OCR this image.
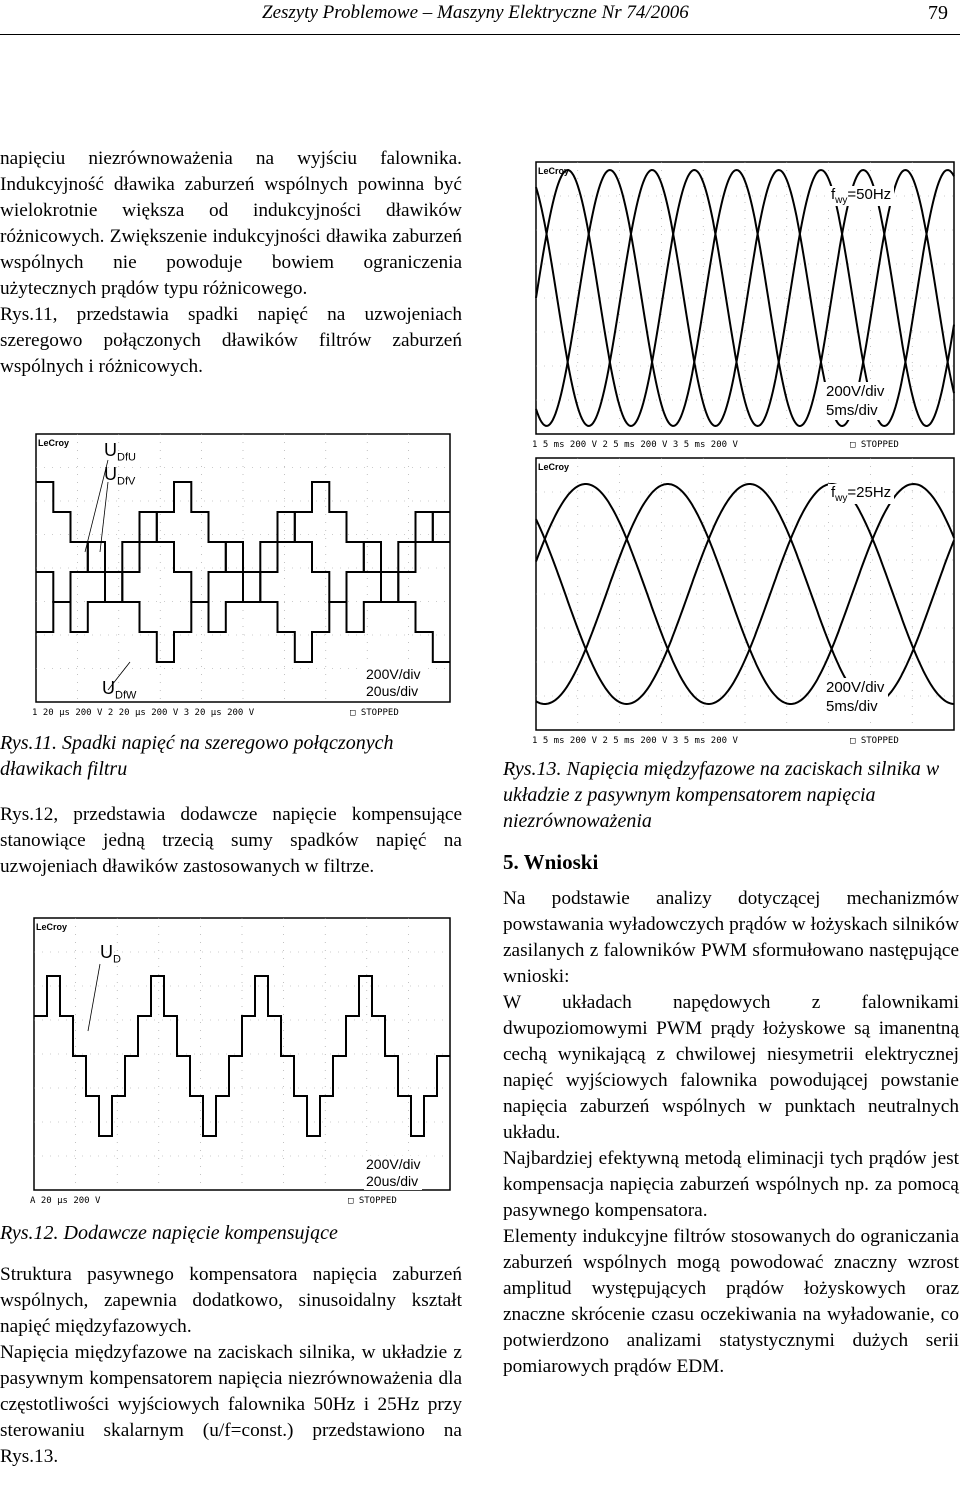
Zeszyty Problemowe – Maszyny Elektryczne Nr 74/2006	79

napięciu niezrównoważenia na wyjściu falownika. Indukcyjność dławika zaburzeń wspólnych powinna być wielokrotnie większa od indukcyjności dławików różnicowych. Zwiększenie indukcyjności dławika zaburzeń wspólnych nie powoduje bowiem ograniczenia użytecznych prądów typu różnicowego.

Rys.11, przedstawia spadki napięć na uzwojeniach szeregowo połączonych dławików filtrów zaburzeń wspólnych i różnicowych.

LeCroy $U_{DfU}$
$U_{DfV}$
$U_{DfW}$
200V/div
20us/div
1 20 μs 200 V 2 20 μs 200 V 3 20 μs 200 V	□ STOPPED
Rys.11. Spadki napięć na szeregowo połączonych dławikach filtru

Rys.12, przedstawia dodawcze napięcie kompensujące stanowiące jedną trzecią sumy spadków napięć na uzwojeniach dławików zastosowanych w filtrze.

LeCroy
$U_D$
200V/div
20us/div
A 20 μs 200 V	□ STOPPED
Rys.12. Dodawcze napięcie kompensujące

Struktura pasywnego kompensatora napięcia zaburzeń wspólnych, zapewnia dodatkowo, sinusoidalny kształt napięć międzyfazowych.

Napięcia międzyfazowe na zaciskach silnika, w układzie z pasywnym kompensatorem napięcia niezrównoważenia dla częstotliwości wyjściowych falownika 50Hz i 25Hz przy sterowaniu skalarnym (u/f=const.) przedstawiono na Rys.13.

LeCroy
$f_{wy}=50Hz$
200V/div
5ms/div
1 5 ms 200 V 2 5 ms 200 V 3 5 ms 200 V	□ STOPPED
LeCroy
$f_{wy}=25Hz$
200V/div
5ms/div
1 5 ms 200 V 2 5 ms 200 V 3 5 ms 200 V	□ STOPPED
Rys.13. Napięcia międzyfazowe na zaciskach silnika w układzie z pasywnym kompensatorem napięcia niezrównoważenia
5. Wnioski

Na podstawie analizy dotyczącej mechanizmów powstawania wyładowczych prądów w łożyskach silników zasilanych z falowników PWM sformułowano następujące wnioski:

W układach napędowych z falownikami dwupoziomowymi PWM prądy łożyskowe są imanentną cechą wynikającą z chwilowej niesymetrii elektrycznej napięć wyjściowych falownika powodującej powstanie napięcia zaburzeń wspólnych w punktach neutralnych układu.

Najbardziej efektywną metodą eliminacji tych prądów jest kompensacja napięcia zaburzeń wspólnych np. za pomocą pasywnego kompensatora.

Elementy indukcyjne filtrów stosowanych do ograniczania zaburzeń wspólnych mogą powodować znaczny wzrost amplitud występujących prądów łożyskowych oraz znaczne skrócenie czasu oczekiwania na wyładowanie, co potwierdzono analizami statystycznymi dużych serii pomiarowych prądów EDM.
